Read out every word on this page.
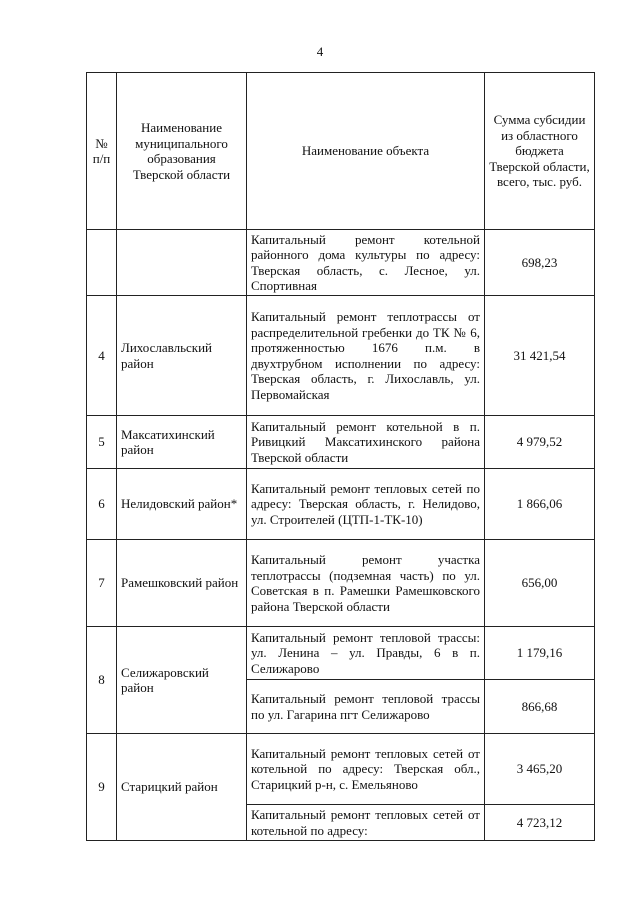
4
№ п/п	Наименование муниципального образования Тверской области	Наименование объекта	Сумма субсидии из областного бюджета Тверской области, всего, тыс. руб.
		Капитальный ремонт котельной районного дома культуры по адресу: Тверская область, с. Лесное, ул. Спортивная	698,23
4	Лихославльский район	Капитальный ремонт теплотрассы от распределительной гребенки до ТК № 6, протяженностью 1676 п.м. в двухтрубном исполнении по адресу: Тверская область, г. Лихославль, ул. Первомайская	31 421,54
5	Максатихинский район	Капитальный ремонт котельной в п. Ривицкий Максатихинского района Тверской области	4 979,52
6	Нелидовский район*	Капитальный ремонт тепловых сетей по адресу: Тверская область, г. Нелидово, ул. Строителей (ЦТП-1-ТК-10)	1 866,06
7	Рамешковский район	Капитальный ремонт участка теплотрассы (подземная часть) по ул. Советская в п. Рамешки Рамешковского района Тверской области	656,00
8	Селижаровский район	Капитальный ремонт тепловой трассы: ул. Ленина – ул. Правды, 6 в п. Селижарово	1 179,16
		Капитальный ремонт тепловой трассы по ул. Гагарина пгт Селижарово	866,68
9	Старицкий район	Капитальный ремонт тепловых сетей от котельной по адресу: Тверская обл., Старицкий р-н, с. Емельяново	3 465,20
		Капитальный ремонт тепловых сетей от котельной по адресу:	4 723,12
